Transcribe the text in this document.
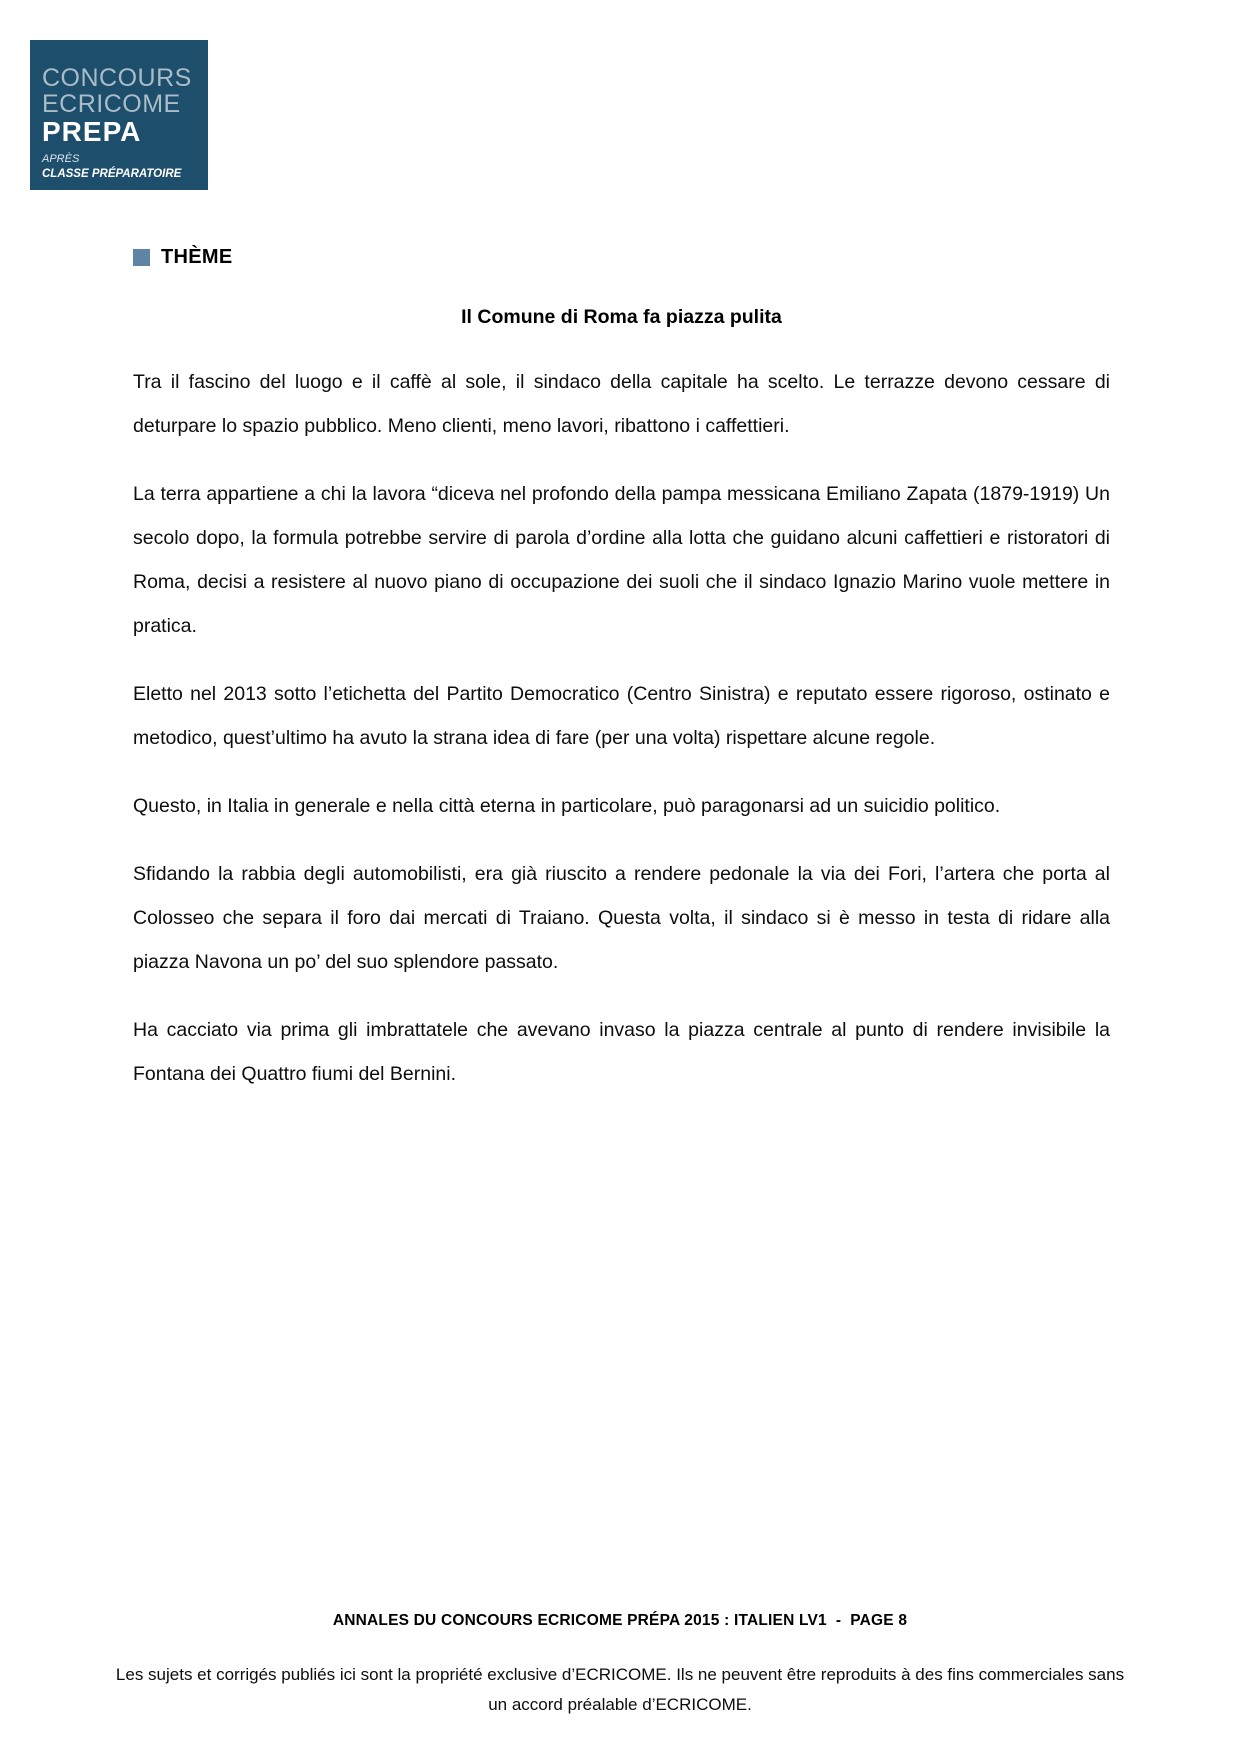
CONCOURS
ECRICOME
PREPA
APRÈS
CLASSE PRÉPARATOIRE
THÈME
Il Comune di Roma fa piazza pulita

Tra il fascino del luogo e il caffè al sole, il sindaco della capitale ha scelto. Le terrazze devono cessare di deturpare lo spazio pubblico. Meno clienti, meno lavori, ribattono i caffettieri.

La terra appartiene a chi la lavora “diceva nel profondo della pampa messicana Emiliano Zapata (1879-1919) Un secolo dopo, la formula potrebbe servire di parola d’ordine alla lotta che guidano alcuni caffettieri e ristoratori di Roma, decisi a resistere al nuovo piano di occupazione dei suoli che il sindaco Ignazio Marino vuole mettere in pratica.

Eletto nel 2013 sotto l’etichetta del Partito Democratico (Centro Sinistra) e reputato essere rigoroso, ostinato e metodico, quest’ultimo ha avuto la strana idea di fare (per una volta) rispettare alcune regole.

Questo, in Italia in generale e nella città eterna in particolare, può paragonarsi ad un suicidio politico.

Sfidando la rabbia degli automobilisti, era già riuscito a rendere pedonale la via dei Fori, l’artera che porta al Colosseo che separa il foro dai mercati di Traiano. Questa volta, il sindaco si è messo in testa di ridare alla piazza Navona un po’ del suo splendore passato.

Ha cacciato via prima gli imbrattatele che avevano invaso la piazza centrale al punto di rendere invisibile la Fontana dei Quattro fiumi del Bernini.

ANNALES DU CONCOURS ECRICOME PRÉPA 2015 : ITALIEN LV1  -  PAGE 8
Les sujets et corrigés publiés ici sont la propriété exclusive d’ECRICOME. Ils ne peuvent être reproduits à des fins commerciales sans un accord préalable d’ECRICOME.
